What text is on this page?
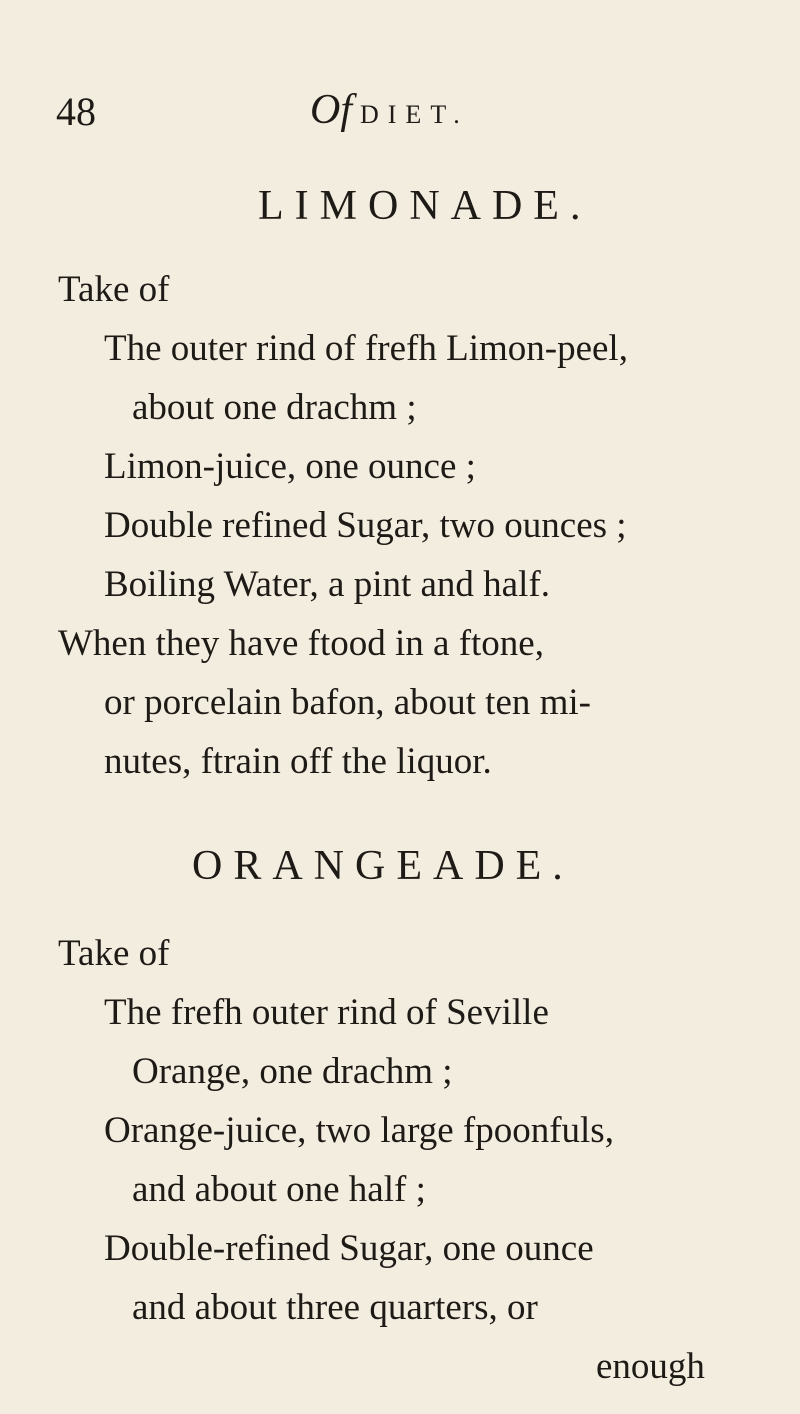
48	Of DIET.
LIMONADE.
Take of
The outer rind of frefh Limon-peel,
about one drachm ;
Limon-juice, one ounce ;
Double refined Sugar, two ounces ;
Boiling Water, a pint and half.
When they have ftood in a ftone,
or porcelain bafon, about ten mi-
nutes, ftrain off the liquor.
ORANGEADE.
Take of
The frefh outer rind of Seville
Orange, one drachm ;
Orange-juice, two large fpoonfuls,
and about one half ;
Double-refined Sugar, one ounce
and about three quarters, or
enough
